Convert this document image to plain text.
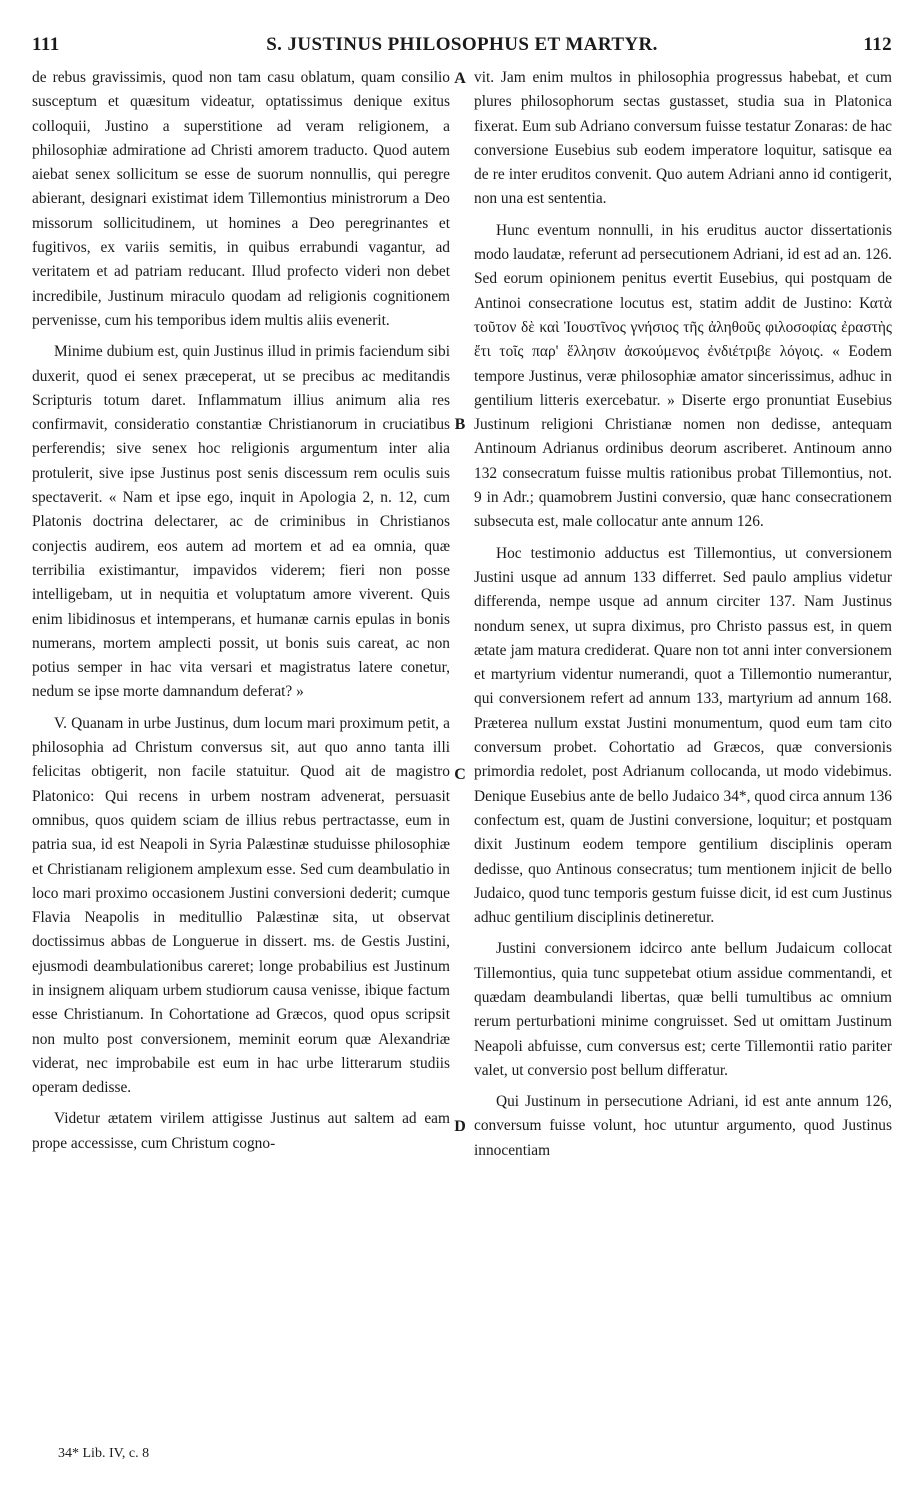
111	S. JUSTINUS PHILOSOPHUS ET MARTYR.	112

de rebus gravissimis, quod non tam casu oblatum, quam consilio susceptum et quæsitum videatur, optatissimus denique exitus colloquii, Justino a superstitione ad veram religionem, a philosophiæ admiratione ad Christi amorem traducto. Quod autem aiebat senex sollicitum se esse de suorum nonnullis, qui peregre abierant, designari existimat idem Tillemontius ministrorum a Deo missorum sollicitudinem, ut homines a Deo peregrinantes et fugitivos, ex variis semitis, in quibus errabundi vagantur, ad veritatem et ad patriam reducant. Illud profecto videri non debet incredibile, Justinum miraculo quodam ad religionis cognitionem pervenisse, cum his temporibus idem multis aliis evenerit.

Minime dubium est, quin Justinus illud in primis faciendum sibi duxerit, quod ei senex præceperat, ut se precibus ac meditandis Scripturis totum daret. Inflammatum illius animum alia res confirmavit, consideratio constantiæ Christianorum in cruciatibus perferendis; sive senex hoc religionis argumentum inter alia protulerit, sive ipse Justinus post senis discessum rem oculis suis spectaverit. « Nam et ipse ego, inquit in Apologia 2, n. 12, cum Platonis doctrina delectarer, ac de criminibus in Christianos conjectis audirem, eos autem ad mortem et ad ea omnia, quæ terribilia existimantur, impavidos viderem; fieri non posse intelligebam, ut in nequitia et voluptatum amore viverent. Quis enim libidinosus et intemperans, et humanæ carnis epulas in bonis numerans, mortem amplecti possit, ut bonis suis careat, ac non potius semper in hac vita versari et magistratus latere conetur, nedum se ipse morte damnandum deferat? »

V. Quanam in urbe Justinus, dum locum mari proximum petit, a philosophia ad Christum conversus sit, aut quo anno tanta illi felicitas obtigerit, non facile statuitur. Quod ait de magistro Platonico: Qui recens in urbem nostram advenerat, persuasit omnibus, quos quidem sciam de illius rebus pertractasse, eum in patria sua, id est Neapoli in Syria Palæstinæ studuisse philosophiæ et Christianam religionem amplexum esse. Sed cum deambulatio in loco mari proximo occasionem Justini conversioni dederit; cumque Flavia Neapolis in meditullio Palæstinæ sita, ut observat doctissimus abbas de Longuerue in dissert. ms. de Gestis Justini, ejusmodi deambulationibus careret; longe probabilius est Justinum in insignem aliquam urbem studiorum causa venisse, ibique factum esse Christianum. In Cohortatione ad Græcos, quod opus scripsit non multo post conversionem, meminit eorum quæ Alexandriæ viderat, nec improbabile est eum in hac urbe litterarum studiis operam dedisse.

Videtur ætatem virilem attigisse Justinus aut saltem ad eam prope accessisse, cum Christum cogno-

vit. Jam enim multos in philosophia progressus habebat, et cum plures philosophorum sectas gustasset, studia sua in Platonica fixerat. Eum sub Adriano conversum fuisse testatur Zonaras: de hac conversione Eusebius sub eodem imperatore loquitur, satisque ea de re inter eruditos convenit. Quo autem Adriani anno id contigerit, non una est sententia.

Hunc eventum nonnulli, in his eruditus auctor dissertationis modo laudatæ, referunt ad persecutionem Adriani, id est ad an. 126. Sed eorum opinionem penitus evertit Eusebius, qui postquam de Antinoi consecratione locutus est, statim addit de Justino: Κατὰ τοῦτον δὲ καὶ Ἰουστῖνος γνήσιος τῆς ἀληθοῦς φιλοσοφίας ἐραστὴς ἔτι τοῖς παρ' ἕλλησιν ἀσκούμενος ἐνδιέτριβε λόγοις. « Eodem tempore Justinus, veræ philosophiæ amator sincerissimus, adhuc in gentilium litteris exercebatur. » Diserte ergo pronuntiat Eusebius Justinum religioni Christianæ nomen non dedisse, antequam Antinoum Adrianus ordinibus deorum ascriberet. Antinoum anno 132 consecratum fuisse multis rationibus probat Tillemontius, not. 9 in Adr.; quamobrem Justini conversio, quæ hanc consecrationem subsecuta est, male collocatur ante annum 126.

Hoc testimonio adductus est Tillemontius, ut conversionem Justini usque ad annum 133 differret. Sed paulo amplius videtur differenda, nempe usque ad annum circiter 137. Nam Justinus nondum senex, ut supra diximus, pro Christo passus est, in quem ætate jam matura crediderat. Quare non tot anni inter conversionem et martyrium videntur numerandi, quot a Tillemontio numerantur, qui conversionem refert ad annum 133, martyrium ad annum 168. Præterea nullum exstat Justini monumentum, quod eum tam cito conversum probet. Cohortatio ad Græcos, quæ conversionis primordia redolet, post Adrianum collocanda, ut modo videbimus. Denique Eusebius ante de bello Judaico 34*, quod circa annum 136 confectum est, quam de Justini conversione, loquitur; et postquam dixit Justinum eodem tempore gentilium disciplinis operam dedisse, quo Antinous consecratus; tum mentionem injicit de bello Judaico, quod tunc temporis gestum fuisse dicit, id est cum Justinus adhuc gentilium disciplinis detineretur.

Justini conversionem idcirco ante bellum Judaicum collocat Tillemontius, quia tunc suppetebat otium assidue commentandi, et quædam deambulandi libertas, quæ belli tumultibus ac omnium rerum perturbationi minime congruisset. Sed ut omittam Justinum Neapoli abfuisse, cum conversus est; certe Tillemontii ratio pariter valet, ut conversio post bellum differatur.

Qui Justinum in persecutione Adriani, id est ante annum 126, conversum fuisse volunt, hoc utuntur argumento, quod Justinus innocentiam

A
B
C
D
34* Lib. IV, c. 8
